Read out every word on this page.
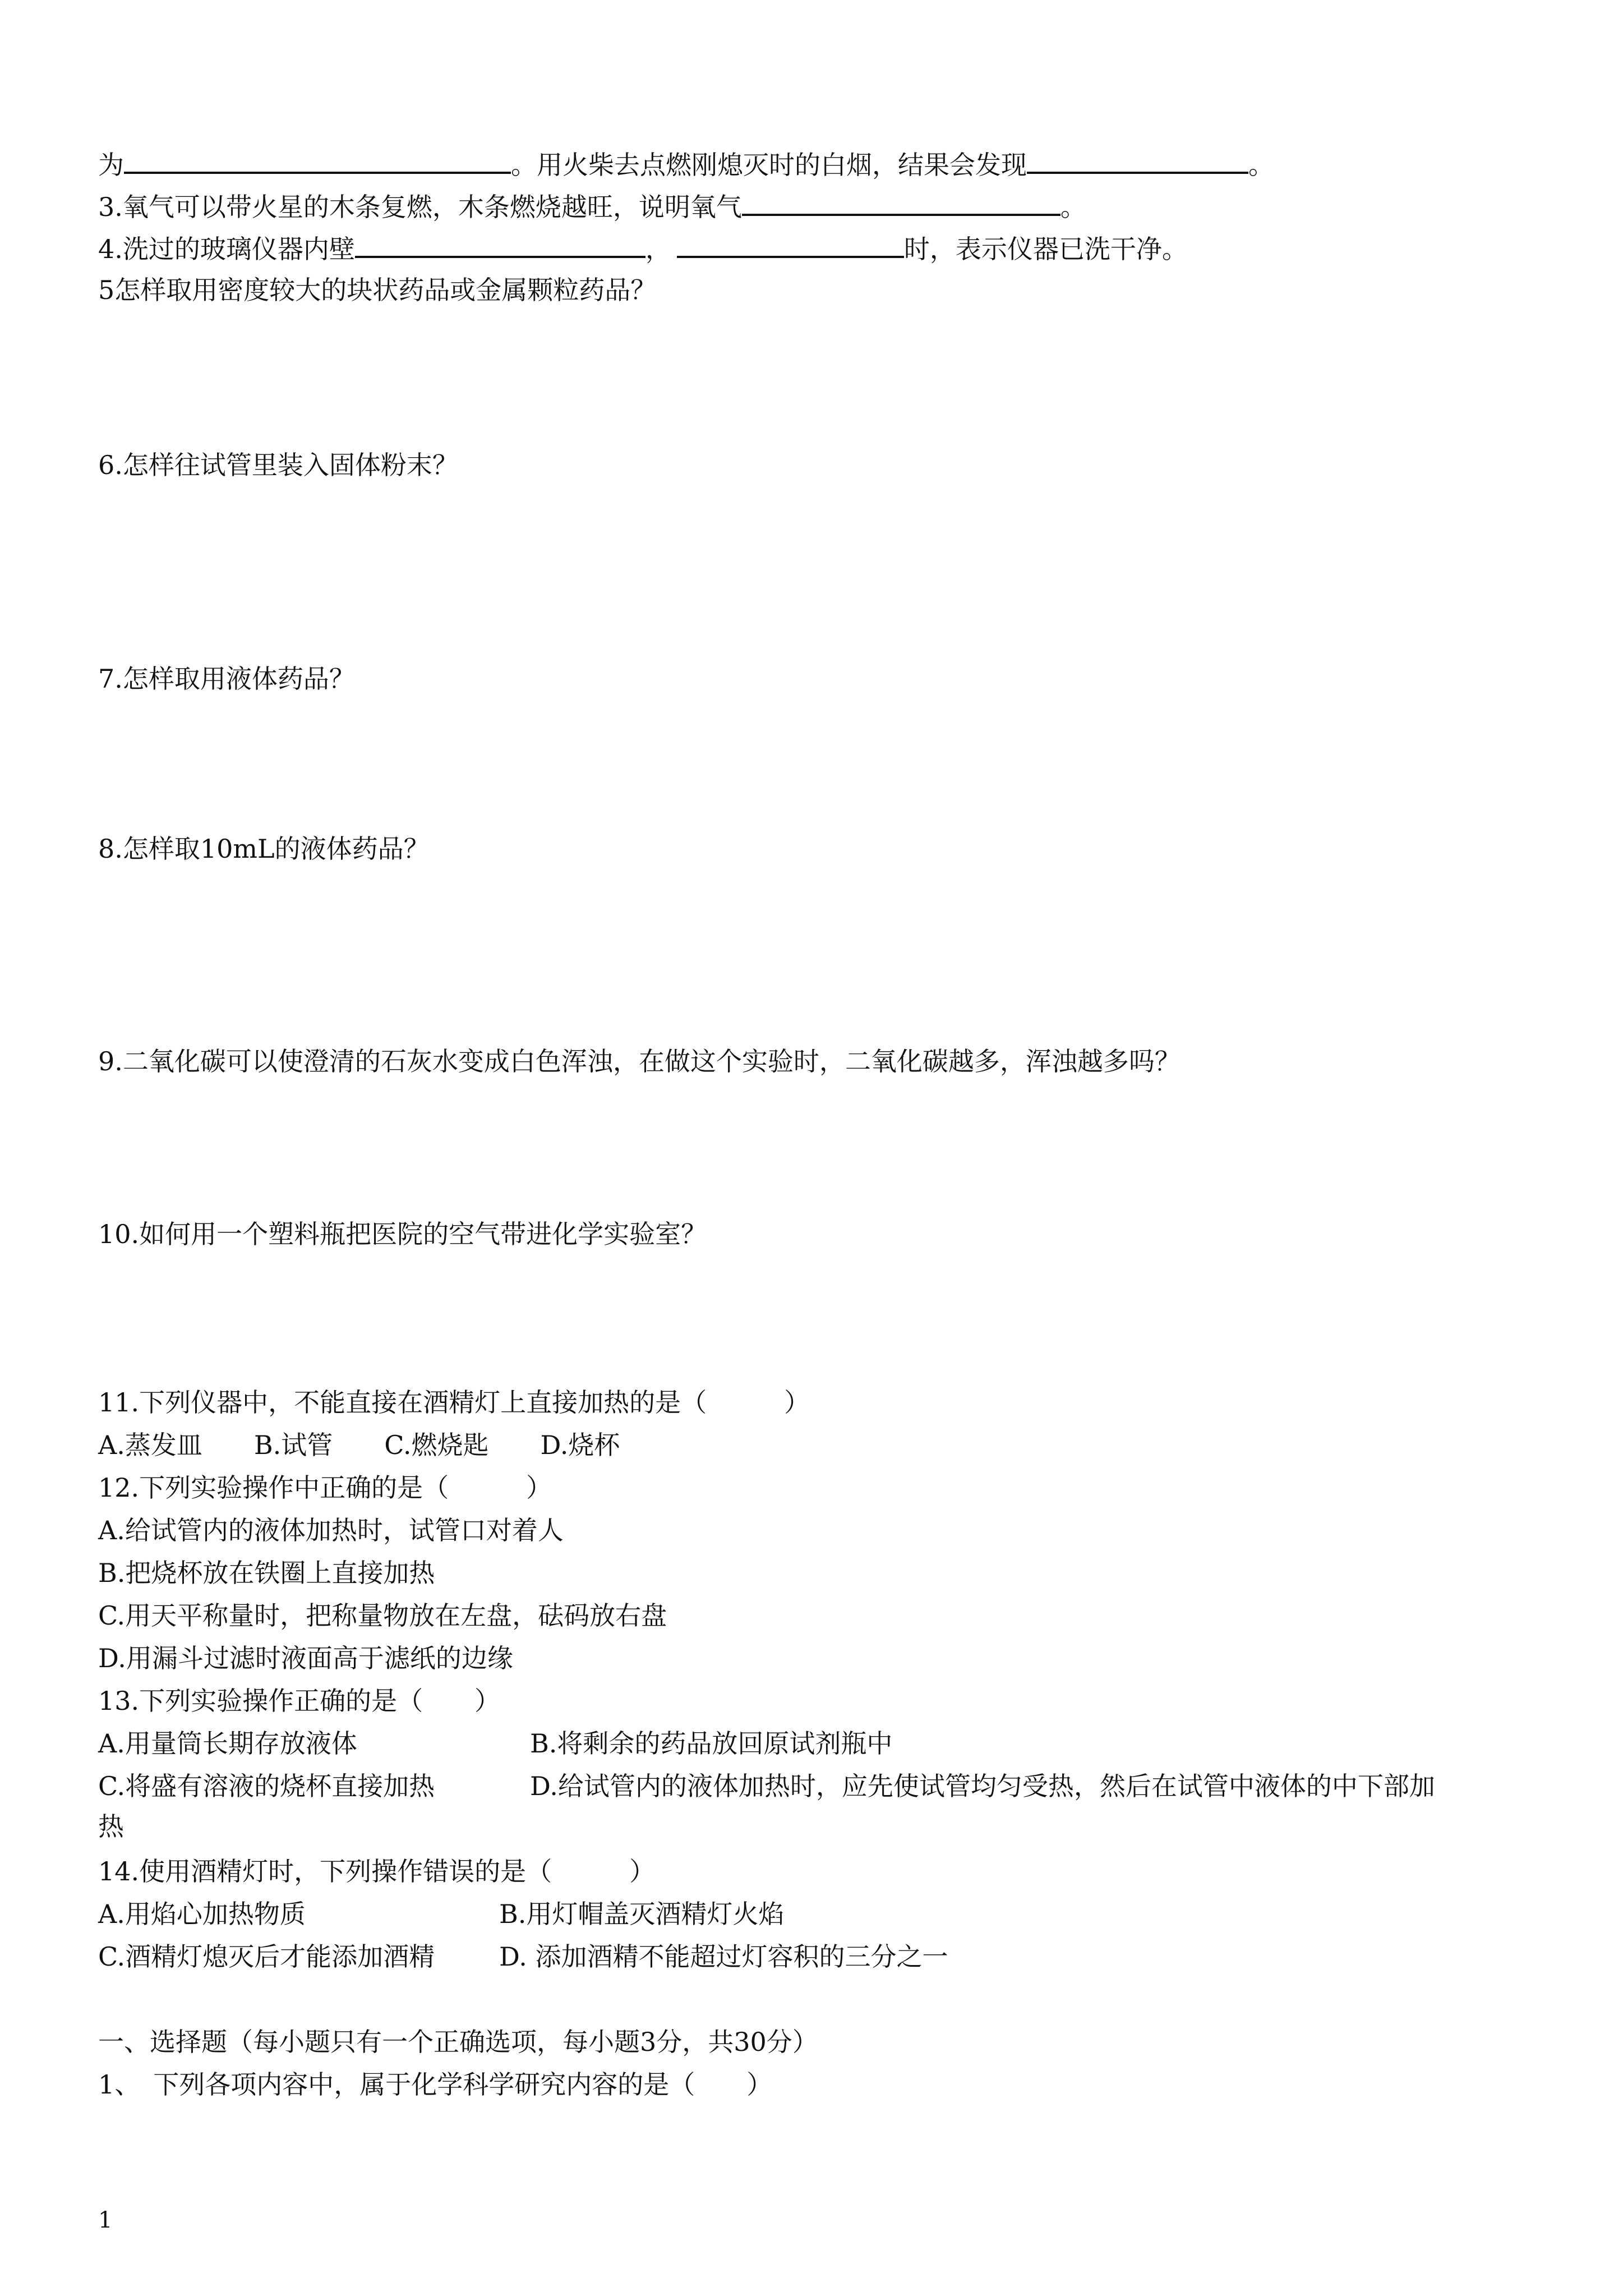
为	。用火柴去点燃刚熄灭时的白烟，结果会发现	。
3.氧气可以带火星的木条复燃，木条燃烧越旺，说明氧气	。
4.洗过的玻璃仪器内壁	，	时，表示仪器已洗干净。
5怎样取用密度较大的块状药品或金属颗粒药品？
6.怎样往试管里装入固体粉末？
7.怎样取用液体药品？
8.怎样取10mL的液体药品？
9.二氧化碳可以使澄清的石灰水变成白色浑浊，在做这个实验时，二氧化碳越多，浑浊越多吗？
10.如何用一个塑料瓶把医院的空气带进化学实验室？
11.下列仪器中，不能直接在酒精灯上直接加热的是（　　　）
A.蒸发皿　　B.试管　　C.燃烧匙　　D.烧杯
12.下列实验操作中正确的是（　　　）
A.给试管内的液体加热时，试管口对着人
B.把烧杯放在铁圈上直接加热
C.用天平称量时，把称量物放在左盘，砝码放右盘
D.用漏斗过滤时液面高于滤纸的边缘
13.下列实验操作正确的是（　　）
A.用量筒长期存放液体	B.将剩余的药品放回原试剂瓶中
C.将盛有溶液的烧杯直接加热	D.给试管内的液体加热时，应先使试管均匀受热，然后在试管中液体的中下部加
热
14.使用酒精灯时，下列操作错误的是（　　　）
A.用焰心加热物质	B.用灯帽盖灭酒精灯火焰
C.酒精灯熄灭后才能添加酒精 D. 添加酒精不能超过灯容积的三分之一
一、选择题（每小题只有一个正确选项，每小题3分，共30分）
1、　下列各项内容中，属于化学科学研究内容的是（　　）
1
